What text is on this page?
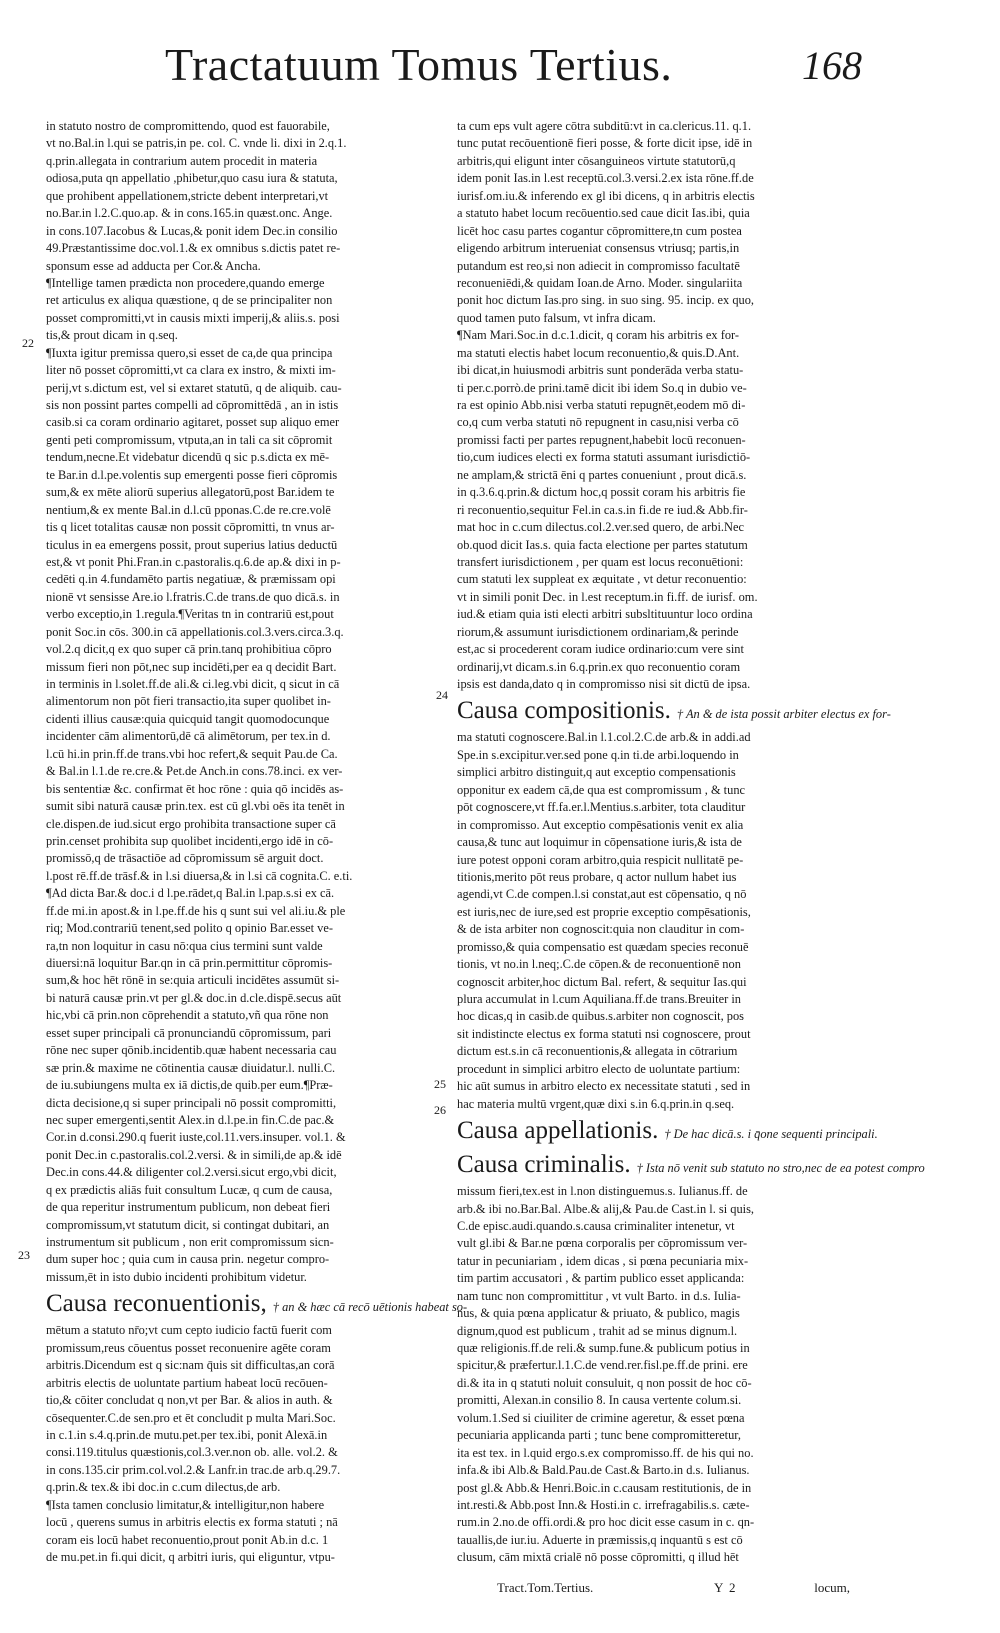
Tractatuum Tomus Tertius.	168
22
23
24
25
26
in statuto nostro de compromittendo, quod est fauorabile,
vt no.Bal.in l.qui se patris,in pe. col. C. vnde li. dixi in 2.q.1.
q.prin.allegata in contrarium autem procedit in materia
odiosa,puta qn appellatio ,phibetur,quo casu iura & statuta,
que prohibent appellationem,stricte debent interpretari,vt
no.Bar.in l.2.C.quo.ap. & in cons.165.in quæst.onc. Ange.
in cons.107.Iacobus & Lucas,& ponit idem Dec.in consilio
49.Præstantissime doc.vol.1.& ex omnibus s.dictis patet re-
sponsum esse ad adducta per Cor.& Ancha.
¶Intellige tamen prædicta non procedere,quando emerge
ret articulus ex aliqua quæstione, q de se principaliter non
posset compromitti,vt in causis mixti imperij,& aliis.s. posi
tis,& prout dicam in q.seq.
¶Iuxta igitur premissa quero,si esset de ca,de qua principa
liter nō posset cōpromitti,vt ca clara ex instro, & mixti im-
perij,vt s.dictum est, vel si extaret statutū, q de aliquib. cau-
sis non possint partes compelli ad cōpromittēdā , an in istis
casib.si ca coram ordinario agitaret, posset sup aliquo emer
genti peti compromissum, vtputa,an in tali ca sit cōpromit
tendum,necne.Et videbatur dicendū q sic p.s.dicta ex mē-
te Bar.in d.l.pe.volentis sup emergenti posse fieri cōpromis
sum,& ex mēte aliorū superius allegatorū,post Bar.idem te
nentium,& ex mente Bal.in d.l.cū pponas.C.de re.cre.volē
tis q licet totalitas causæ non possit cōpromitti, tn vnus ar-
ticulus in ea emergens possit, prout superius latius deductū
est,& vt ponit Phi.Fran.in c.pastoralis.q.6.de ap.& dixi in p-
cedēti q.in 4.fundamēto partis negatiuæ, & præmissam opi
nionē vt sensisse Are.io l.fratris.C.de trans.de quo dicā.s. in
verbo exceptio,in 1.regula.¶Veritas tn in contrariū est,pout
ponit Soc.in cōs. 300.in cā appellationis.col.3.vers.circa.3.q.
vol.2.q dicit,q ex quo super cā prin.tanq prohibitiua cōpro
missum fieri non pōt,nec sup incidēti,per ea q decidit Bart.
in terminis in l.solet.ff.de ali.& ci.leg.vbi dicit, q sicut in cā
alimentorum non pōt fieri transactio,ita super quolibet in-
cidenti illius causæ:quia quicquid tangit quomodocunque
incidenter cām alimentorū,dē cā alimētorum, per tex.in d.
l.cū hi.in prin.ff.de trans.vbi hoc refert,& sequit Pau.de Ca.
& Bal.in l.1.de re.cre.& Pet.de Anch.in cons.78.inci. ex ver-
bis sententiæ &c. confirmat ēt hoc rōne : quia qō incidēs as-
sumit sibi naturā causæ prin.tex. est cū gl.vbi oēs ita tenēt in
cle.dispen.de iud.sicut ergo prohibita transactione super cā
prin.censet prohibita sup quolibet incidenti,ergo idē in cō-
promissō,q de trāsactiōe ad cōpromissum sē arguit doct.
l.post rē.ff.de trāsf.& in l.si diuersa,& in l.si cā cognita.C. e.ti.
¶Ad dicta Bar.& doc.i d l.pe.rādet,q Bal.in l.pap.s.si ex cā.
ff.de mi.in apost.& in l.pe.ff.de his q sunt sui vel ali.iu.& ple
riq; Mod.contrariū tenent,sed polito q opinio Bar.esset ve-
ra,tn non loquitur in casu nō:qua cius termini sunt valde
diuersi:nā loquitur Bar.qn in cā prin.permittitur cōpromis-
sum,& hoc hēt rōnē in se:quia articuli incidētes assumūt si-
bi naturā causæ prin.vt per gl.& doc.in d.cle.dispē.secus aūt
hic,vbi cā prin.non cōprehendit a statuto,vñ qua rōne non
esset super principali cā pronunciandū cōpromissum, pari
rōne nec super qōnib.incidentib.quæ habent necessaria cau
sæ prin.& maxime ne cōtinentia causæ diuidatur.l. nulli.C.
de iu.subiungens multa ex iā dictis,de quib.per eum.¶Præ-
dicta decisione,q si super principali nō possit compromitti,
nec super emergenti,sentit Alex.in d.l.pe.in fin.C.de pac.&
Cor.in d.consi.290.q fuerit iuste,col.11.vers.insuper. vol.1. &
ponit Dec.in c.pastoralis.col.2.versi. & in simili,de ap.& idē
Dec.in cons.44.& diligenter col.2.versi.sicut ergo,vbi dicit,
q ex prædictis aliās fuit consultum Lucæ, q cum de causa,
de qua reperitur instrumentum publicum, non debeat fieri
compromissum,vt statutum dicit, si contingat dubitari, an
instrumentum sit publicum , non erit compromissum sicn-
dum super hoc ; quia cum in causa prin. negetur compro-
missum,ēt in isto dubio incidenti prohibitum videtur.
Causa reconuentionis, † an & hæc cā recō uētionis habeat so-
mētum a statuto nr̄o;vt cum cepto iudicio factū fuerit com
promissum,reus cōuentus posset reconuenire agēte coram
arbitris.Dicendum est q sic:nam q̄uis sit difficultas,an corā
arbitris electis de uoluntate partium habeat locū recōuen-
tio,& cōiter concludat q non,vt per Bar. & alios in auth. &
cōsequenter.C.de sen.pro et ēt concludit p multa Mari.Soc.
in c.1.in s.4.q.prin.de mutu.pet.per tex.ibi, ponit Alexā.in
consi.119.titulus quæstionis,col.3.ver.non ob. alle. vol.2. &
in cons.135.cir prim.col.vol.2.& Lanfr.in trac.de arb.q.29.7.
q.prin.& tex.& ibi doc.in c.cum dilectus,de arb.
¶Ista tamen conclusio limitatur,& intelligitur,non habere
locū , querens sumus in arbitris electis ex forma statuti ; nā
coram eis locū habet reconuentio,prout ponit Ab.in d.c. 1
de mu.pet.in fi.qui dicit, q arbitri iuris, qui eliguntur, vtpu-
ta cum eps vult agere cōtra subditū:vt in ca.clericus.11. q.1.
tunc putat recōuentionē fieri posse, & forte dicit ipse, idē in
arbitris,qui eligunt inter cōsanguineos virtute statutorū,q
idem ponit Ias.in l.est receptū.col.3.versi.2.ex ista rōne.ff.de
iurisf.om.iu.& inferendo ex gl ibi dicens, q in arbitris electis
a statuto habet locum recōuentio.sed caue dicit Ias.ibi, quia
licēt hoc casu partes cogantur cōpromittere,tn cum postea
eligendo arbitrum interueniat consensus vtriusq; partis,in
putandum est reo,si non adiecit in compromisso facultatē
reconueniēdi,& quidam Ioan.de Arno. Moder. singulariita
ponit hoc dictum Ias.pro sing. in suo sing. 95. incip. ex quo,
quod tamen puto falsum, vt infra dicam.
¶Nam Mari.Soc.in d.c.1.dicit, q coram his arbitris ex for-
ma statuti electis habet locum reconuentio,& quis.D.Ant.
ibi dicat,in huiusmodi arbitris sunt ponderāda verba statu-
ti per.c.porrò.de prini.tamē dicit ibi idem So.q in dubio ve-
ra est opinio Abb.nisi verba statuti repugnēt,eodem mō di-
co,q cum verba statuti nō repugnent in casu,nisi verba cō
promissi facti per partes repugnent,habebit locū reconuen-
tio,cum iudices electi ex forma statuti assumant iurisdictiō-
ne amplam,& strictā ēni q partes conueniunt , prout dicā.s.
in q.3.6.q.prin.& dictum hoc,q possit coram his arbitris fie
ri reconuentio,sequitur Fel.in ca.s.in fi.de re iud.& Abb.fir-
mat hoc in c.cum dilectus.col.2.ver.sed quero, de arbi.Nec
ob.quod dicit Ias.s. quia facta electione per partes statutum
transfert iurisdictionem , per quam est locus reconuētioni:
cum statuti lex suppleat ex æquitate , vt detur reconuentio:
vt in simili ponit Dec. in l.est receptum.in fi.ff. de iurisf. om.
iud.& etiam quia isti electi arbitri subsltituuntur loco ordina
riorum,& assumunt iurisdictionem ordinariam,& perinde
est,ac si procederent coram iudice ordinario:cum vere sint
ordinarij,vt dicam.s.in 6.q.prin.ex quo reconuentio coram
ipsis est danda,dato q in compromisso nisi sit dictū de ipsa.
Causa compositionis. † An & de ista possit arbiter electus ex for-
ma statuti cognoscere.Bal.in l.1.col.2.C.de arb.& in addi.ad
Spe.in s.excipitur.ver.sed pone q.in ti.de arbi.loquendo in
simplici arbitro distinguit,q aut exceptio compensationis
opponitur ex eadem cā,de qua est compromissum , & tunc
pōt cognoscere,vt ff.fa.er.l.Mentius.s.arbiter, tota clauditur
in compromisso. Aut exceptio compēsationis venit ex alia
causa,& tunc aut loquimur in cōpensatione iuris,& ista de
iure potest opponi coram arbitro,quia respicit nullitatē pe-
titionis,merito pōt reus probare, q actor nullum habet ius
agendi,vt C.de compen.l.si constat,aut est cōpensatio, q nō
est iuris,nec de iure,sed est proprie exceptio compēsationis,
& de ista arbiter non cognoscit:quia non clauditur in com-
promisso,& quia compensatio est quædam species reconuē
tionis, vt no.in l.neq;.C.de cōpen.& de reconuentionē non
cognoscit arbiter,hoc dictum Bal. refert, & sequitur Ias.qui
plura accumulat in l.cum Aquiliana.ff.de trans.Breuiter in
hoc dicas,q in casib.de quibus.s.arbiter non cognoscit, pos
sit indistincte electus ex forma statuti nsi cognoscere, prout
dictum est.s.in cā reconuentionis,& allegata in cōtrarium
procedunt in simplici arbitro electo de uoluntate partium:
hic aūt sumus in arbitro electo ex necessitate statuti , sed in
hac materia multū vrgent,quæ dixi s.in 6.q.prin.in q.seq.
Causa appellationis. † De hac dicā.s. i q̄one sequenti principali.
Causa criminalis. † Ista nō venit sub statuto no stro,nec de ea potest compro
missum fieri,tex.est in l.non distinguemus.s. Iulianus.ff. de
arb.& ibi no.Bar.Bal. Albe.& alij,& Pau.de Cast.in l. si quis,
C.de episc.audi.quando.s.causa criminaliter intenetur, vt
vult gl.ibi & Bar.ne pœna corporalis per cōpromissum ver-
tatur in pecuniariam , idem dicas , si pœna pecuniaria mix-
tim partim accusatori , & partim publico esset applicanda:
nam tunc non compromittitur , vt vult Barto. in d.s. Iulia-
nus, & quia pœna applicatur & priuato, & publico, magis
dignum,quod est publicum , trahit ad se minus dignum.l.
quæ religionis.ff.de reli.& sump.fune.& publicum potius in
spicitur,& præfertur.l.1.C.de vend.rer.fisl.pe.ff.de prini. ere
di.& ita in q statuti noluit consuluit, q non possit de hoc cō-
promitti, Alexan.in consilio 8. In causa vertente colum.si.
volum.1.Sed si ciuiliter de crimine ageretur, & esset pœna
pecuniaria applicanda parti ; tunc bene compromitteretur,
ita est tex. in l.quid ergo.s.ex compromisso.ff. de his qui no.
infa.& ibi Alb.& Bald.Pau.de Cast.& Barto.in d.s. Iulianus.
post gl.& Abb.& Henri.Boic.in c.causam restitutionis, de in
int.resti.& Abb.post Inn.& Hosti.in c. irrefragabilis.s. cæte-
rum.in 2.no.de offi.ordi.& pro hoc dicit esse casum in c. qn-
tauallis,de iur.iu. Aduerte in præmissis,q inquantū s est cō
clusum, cām mixtā crialē nō posse cōpromitti, q illud hēt
Tract.Tom.Tertius.	Y 2	locum,
